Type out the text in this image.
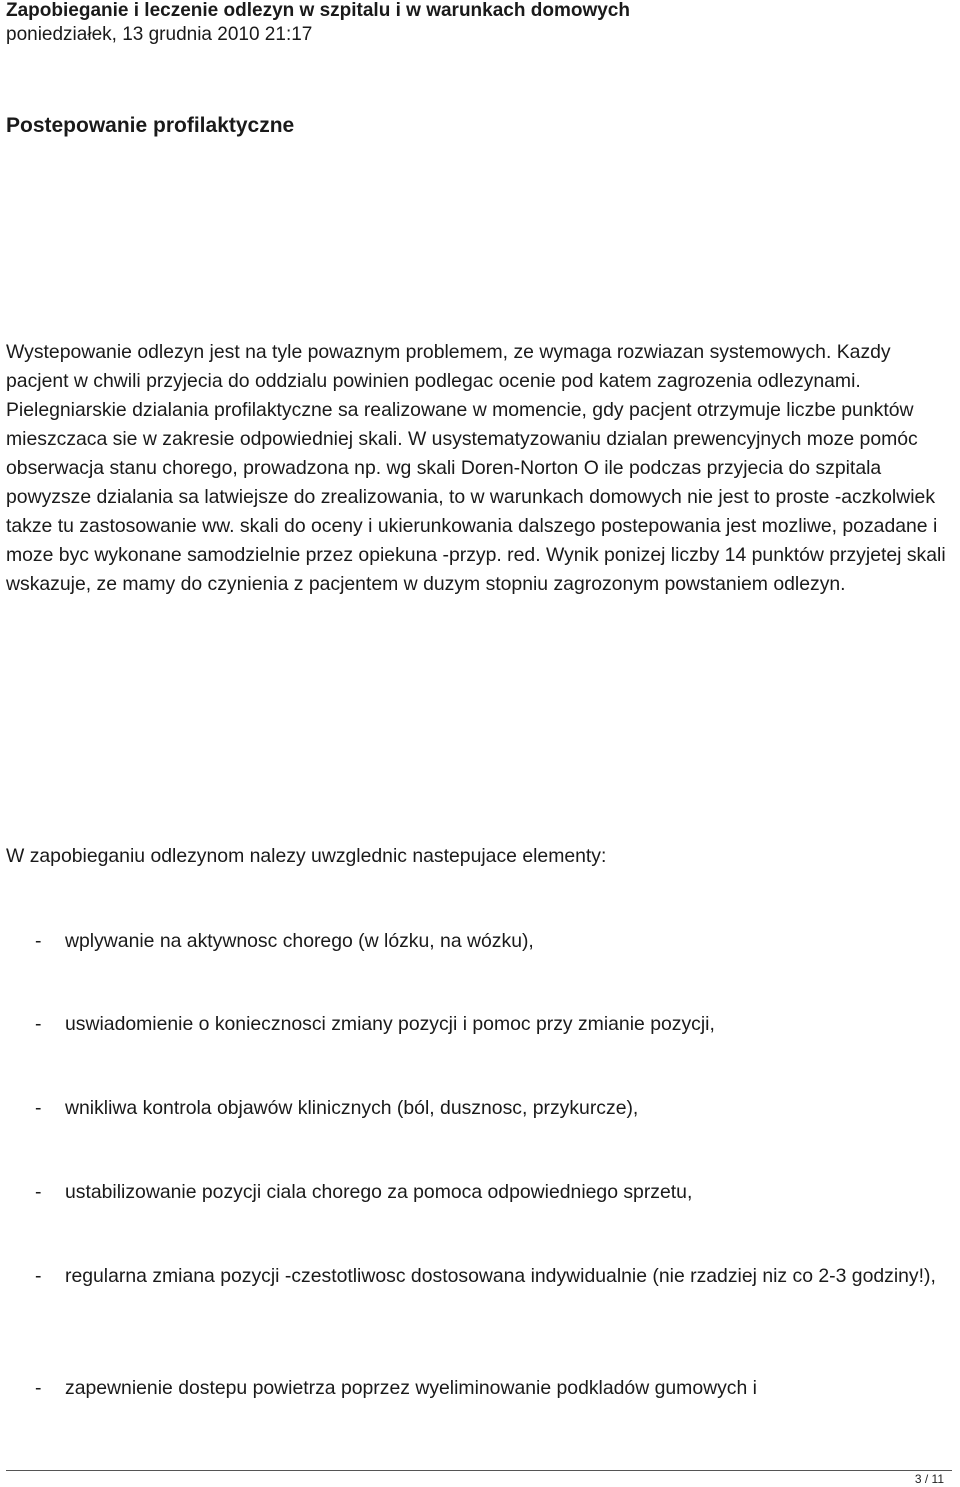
Zapobieganie i leczenie odlezyn w szpitalu i w warunkach domowych
poniedziałek, 13 grudnia 2010 21:17
Postepowanie profilaktyczne

Wystepowanie odlezyn jest na tyle powaznym problemem, ze wymaga rozwiazan systemowych. Kazdy pacjent w chwili przyjecia do oddzialu powinien podlegac ocenie pod katem zagrozenia odlezynami. Pielegniarskie dzialania profilaktyczne sa realizowane w momencie, gdy pacjent otrzymuje liczbe punktów mieszczaca sie w zakresie odpowiedniej skali. W usystematyzowaniu dzialan prewencyjnych moze pomóc obserwacja stanu chorego, prowadzona np. wg skali Doren-Norton O ile podczas przyjecia do szpitala powyzsze dzialania sa latwiejsze do zrealizowania, to w warunkach domowych nie jest to proste -aczkolwiek takze tu zastosowanie ww. skali do oceny i ukierunkowania dalszego postepowania jest mozliwe, pozadane i moze byc wykonane samodzielnie przez opiekuna -przyp. red. Wynik ponizej liczby 14 punktów przyjetej skali wskazuje, ze mamy do czynienia z pacjentem w duzym stopniu zagrozonym powstaniem odlezyn.

W zapobieganiu odlezynom nalezy uwzglednic nastepujace elementy:

- wplywanie na aktywnosc chorego (w lózku, na wózku),

- uswiadomienie o koniecznosci zmiany pozycji i pomoc przy zmianie pozycji,

- wnikliwa kontrola objawów klinicznych (ból, dusznosc, przykurcze),

- ustabilizowanie pozycji ciala chorego za pomoca odpowiedniego sprzetu,

- regularna zmiana pozycji -czestotliwosc dostosowana indywidualnie (nie rzadziej niz co 2-3 godziny!),

- zapewnienie dostepu powietrza poprzez wyeliminowanie podkladów gumowych i

3 / 11
